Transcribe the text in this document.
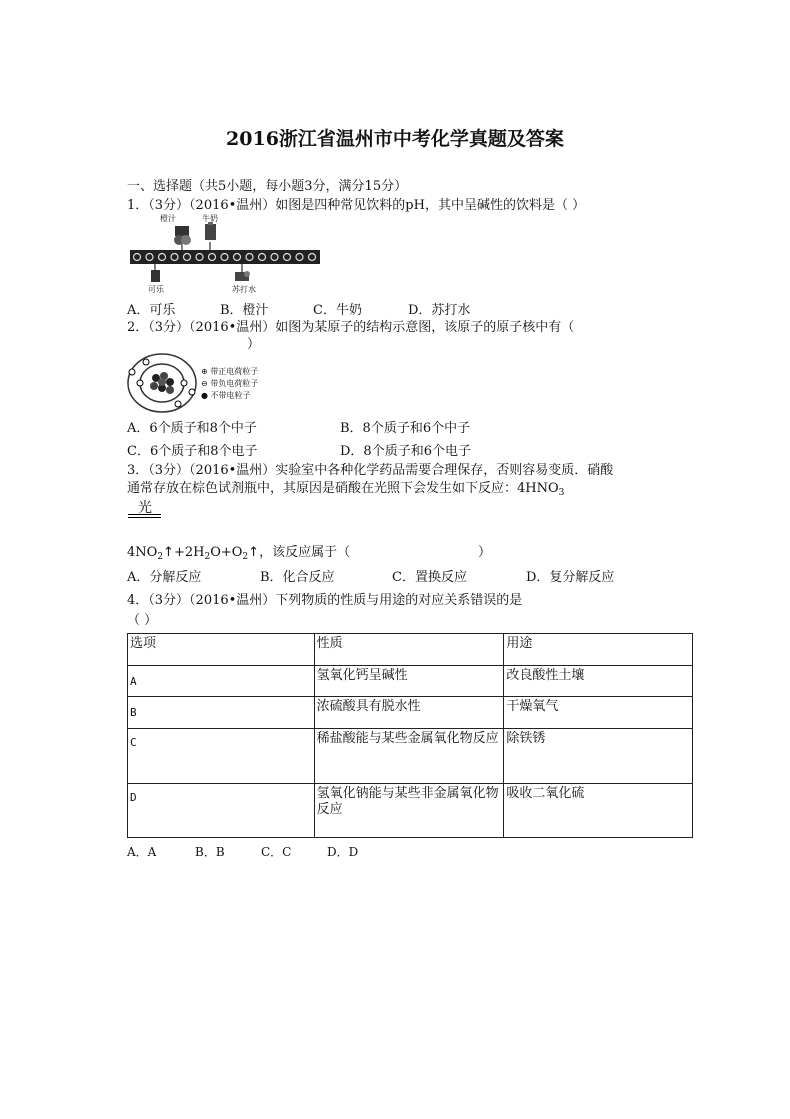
2016浙江省温州市中考化学真题及答案
一、选择题（共5小题，每小题3分，满分15分）
1．（3分）（2016•温州）如图是四种常见饮料的pH，其中呈碱性的饮料是（ ）
橙汁	牛奶
可乐	苏打水
A．可乐	B．橙汁	C．牛奶	D．苏打水
2．（3分）（2016•温州）如图为某原子的结构示意图，该原子的原子核中有（
）
⊕ 带正电荷粒子
⊖ 带负电荷粒子
● 不带电粒子
A．6个质子和8个中子	B．8个质子和6个中子
C．6个质子和8个电子	D．8个质子和6个电子
3．（3分）（2016•温州）实验室中各种化学药品需要合理保存，否则容易变质．硝酸
通常存放在棕色试剂瓶中，其原因是硝酸在光照下会发生如下反应：$4HNO_3$
光
$4NO_2↑+2H_2O+O_2↑$，该反应属于（	）
A．分解反应	B．化合反应	C．置换反应	D．复分解反应
4．（3分）（2016•温州）下列物质的性质与用途的对应关系错误的是
（ ）
选项	性质	用途
A	氢氧化钙呈碱性	改良酸性土壤
B	浓硫酸具有脱水性	干燥氧气
C	稀盐酸能与某些金属氧化物反应	除铁锈
D	氢氧化钠能与某些非金属氧化物反应	吸收二氧化硫
A．A	B．B	C．C	D．D
